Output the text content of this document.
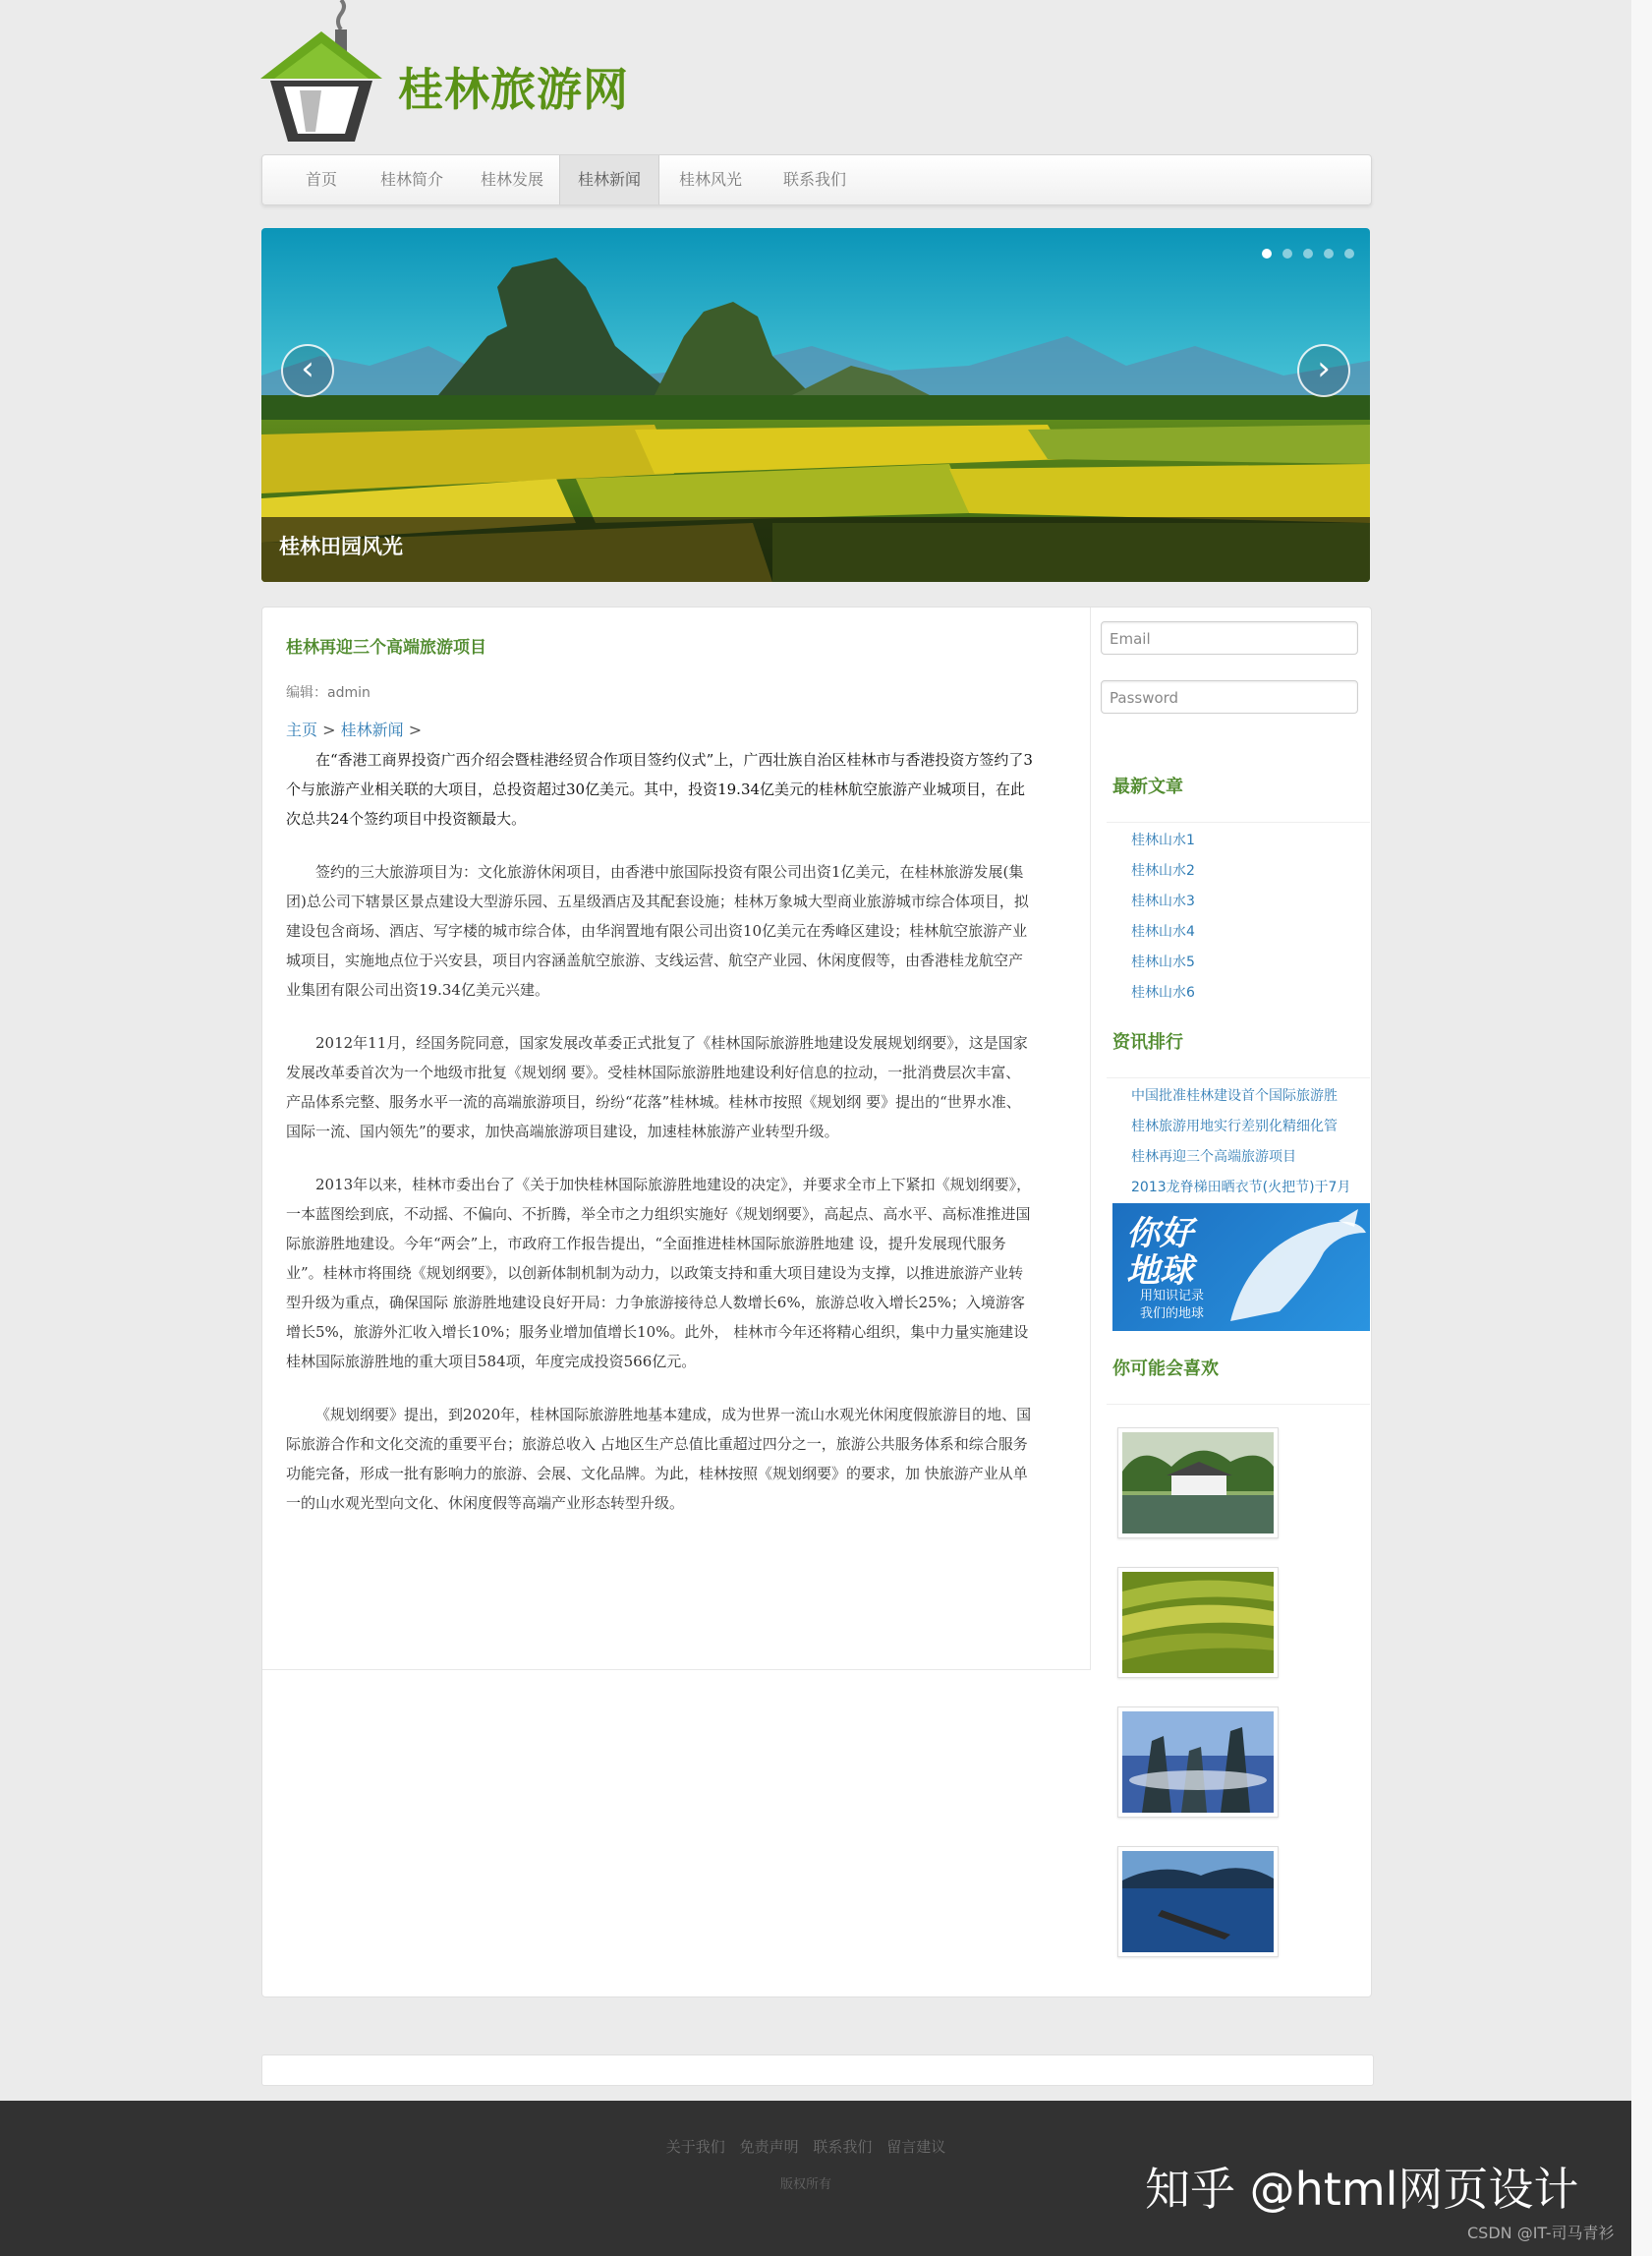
桂林旅游网
首页	桂林简介	桂林发展	桂林新闻	桂林风光	联系我们
‹	›

桂林田园风光
桂林再迎三个高端旅游项目
编辑：admin
主页 > 桂林新闻 >

在“香港工商界投资广西介绍会暨桂港经贸合作项目签约仪式”上，广西壮族自治区桂林市与香港投资方签约了3个与旅游产业相关联的大项目，总投资超过30亿美元。其中，投资19.34亿美元的桂林航空旅游产业城项目，在此次总共24个签约项目中投资额最大。

签约的三大旅游项目为：文化旅游休闲项目，由香港中旅国际投资有限公司出资1亿美元，在桂林旅游发展(集团)总公司下辖景区景点建设大型游乐园、五星级酒店及其配套设施；桂林万象城大型商业旅游城市综合体项目，拟建设包含商场、酒店、写字楼的城市综合体，由华润置地有限公司出资10亿美元在秀峰区建设；桂林航空旅游产业城项目，实施地点位于兴安县，项目内容涵盖航空旅游、支线运营、航空产业园、休闲度假等，由香港桂龙航空产业集团有限公司出资19.34亿美元兴建。

2012年11月，经国务院同意，国家发展改革委正式批复了《桂林国际旅游胜地建设发展规划纲要》，这是国家发展改革委首次为一个地级市批复《规划纲 要》。受桂林国际旅游胜地建设利好信息的拉动，一批消费层次丰富、产品体系完整、服务水平一流的高端旅游项目，纷纷“花落”桂林城。桂林市按照《规划纲 要》提出的“世界水准、国际一流、国内领先”的要求，加快高端旅游项目建设，加速桂林旅游产业转型升级。

2013年以来，桂林市委出台了《关于加快桂林国际旅游胜地建设的决定》，并要求全市上下紧扣《规划纲要》，一本蓝图绘到底，不动摇、不偏向、不折腾，举全市之力组织实施好《规划纲要》，高起点、高水平、高标准推进国际旅游胜地建设。今年“两会”上，市政府工作报告提出，“全面推进桂林国际旅游胜地建 设，提升发展现代服务业”。桂林市将围绕《规划纲要》，以创新体制机制为动力，以政策支持和重大项目建设为支撑，以推进旅游产业转型升级为重点，确保国际 旅游胜地建设良好开局：力争旅游接待总人数增长6%，旅游总收入增长25%；入境游客增长5%，旅游外汇收入增长10%；服务业增加值增长10%。此外， 桂林市今年还将精心组织，集中力量实施建设桂林国际旅游胜地的重大项目584项，年度完成投资566亿元。

《规划纲要》提出，到2020年，桂林国际旅游胜地基本建成，成为世界一流山水观光休闲度假旅游目的地、国际旅游合作和文化交流的重要平台；旅游总收入 占地区生产总值比重超过四分之一，旅游公共服务体系和综合服务功能完备，形成一批有影响力的旅游、会展、文化品牌。为此，桂林按照《规划纲要》的要求，加 快旅游产业从单一的山水观光型向文化、休闲度假等高端产业形态转型升级。

Email
Password
最新文章
桂林山水1
桂林山水2
桂林山水3
桂林山水4
桂林山水5
桂林山水6
资讯排行
中国批准桂林建设首个国际旅游胜
桂林旅游用地实行差别化精细化管
桂林再迎三个高端旅游项目
2013龙脊梯田晒衣节(火把节)于7月
你好
地球
用知识记录
我们的地球
你可能会喜欢
关于我们 免责声明 联系我们 留言建议
版权所有	知乎 @html网页设计
CSDN @IT-司马青衫
